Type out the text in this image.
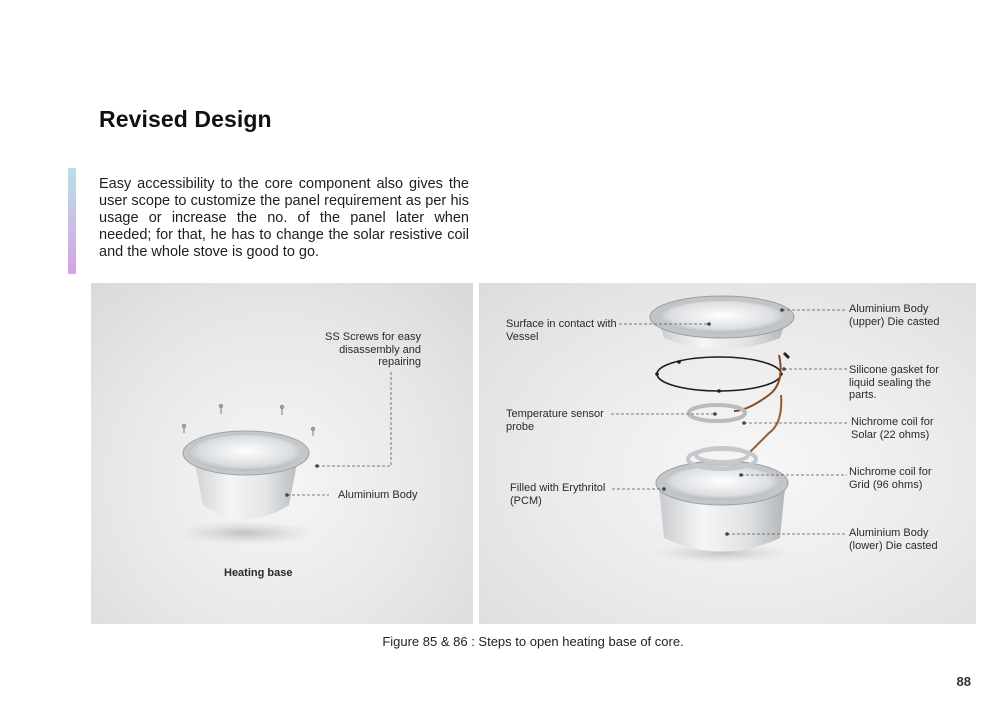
Revised Design

Easy accessibility to the core component also gives the user scope to customize the panel requirement as per his usage or increase the no. of the panel later when needed; for that, he has to change the solar resistive coil and the whole stove is good to go.

SS Screws for easy disassembly and repairing

Aluminium Body

Heating base

Surface in contact with Vessel

Temperature sensor probe

Filled with Erythritol (PCM)

Aluminium Body (upper) Die casted

Silicone gasket for liquid sealing the parts.

Nichrome coil for Solar (22 ohms)

Nichrome coil for Grid (96 ohms)

Aluminium Body (lower) Die casted

Figure 85 & 86 : Steps to open heating base of core.

88
